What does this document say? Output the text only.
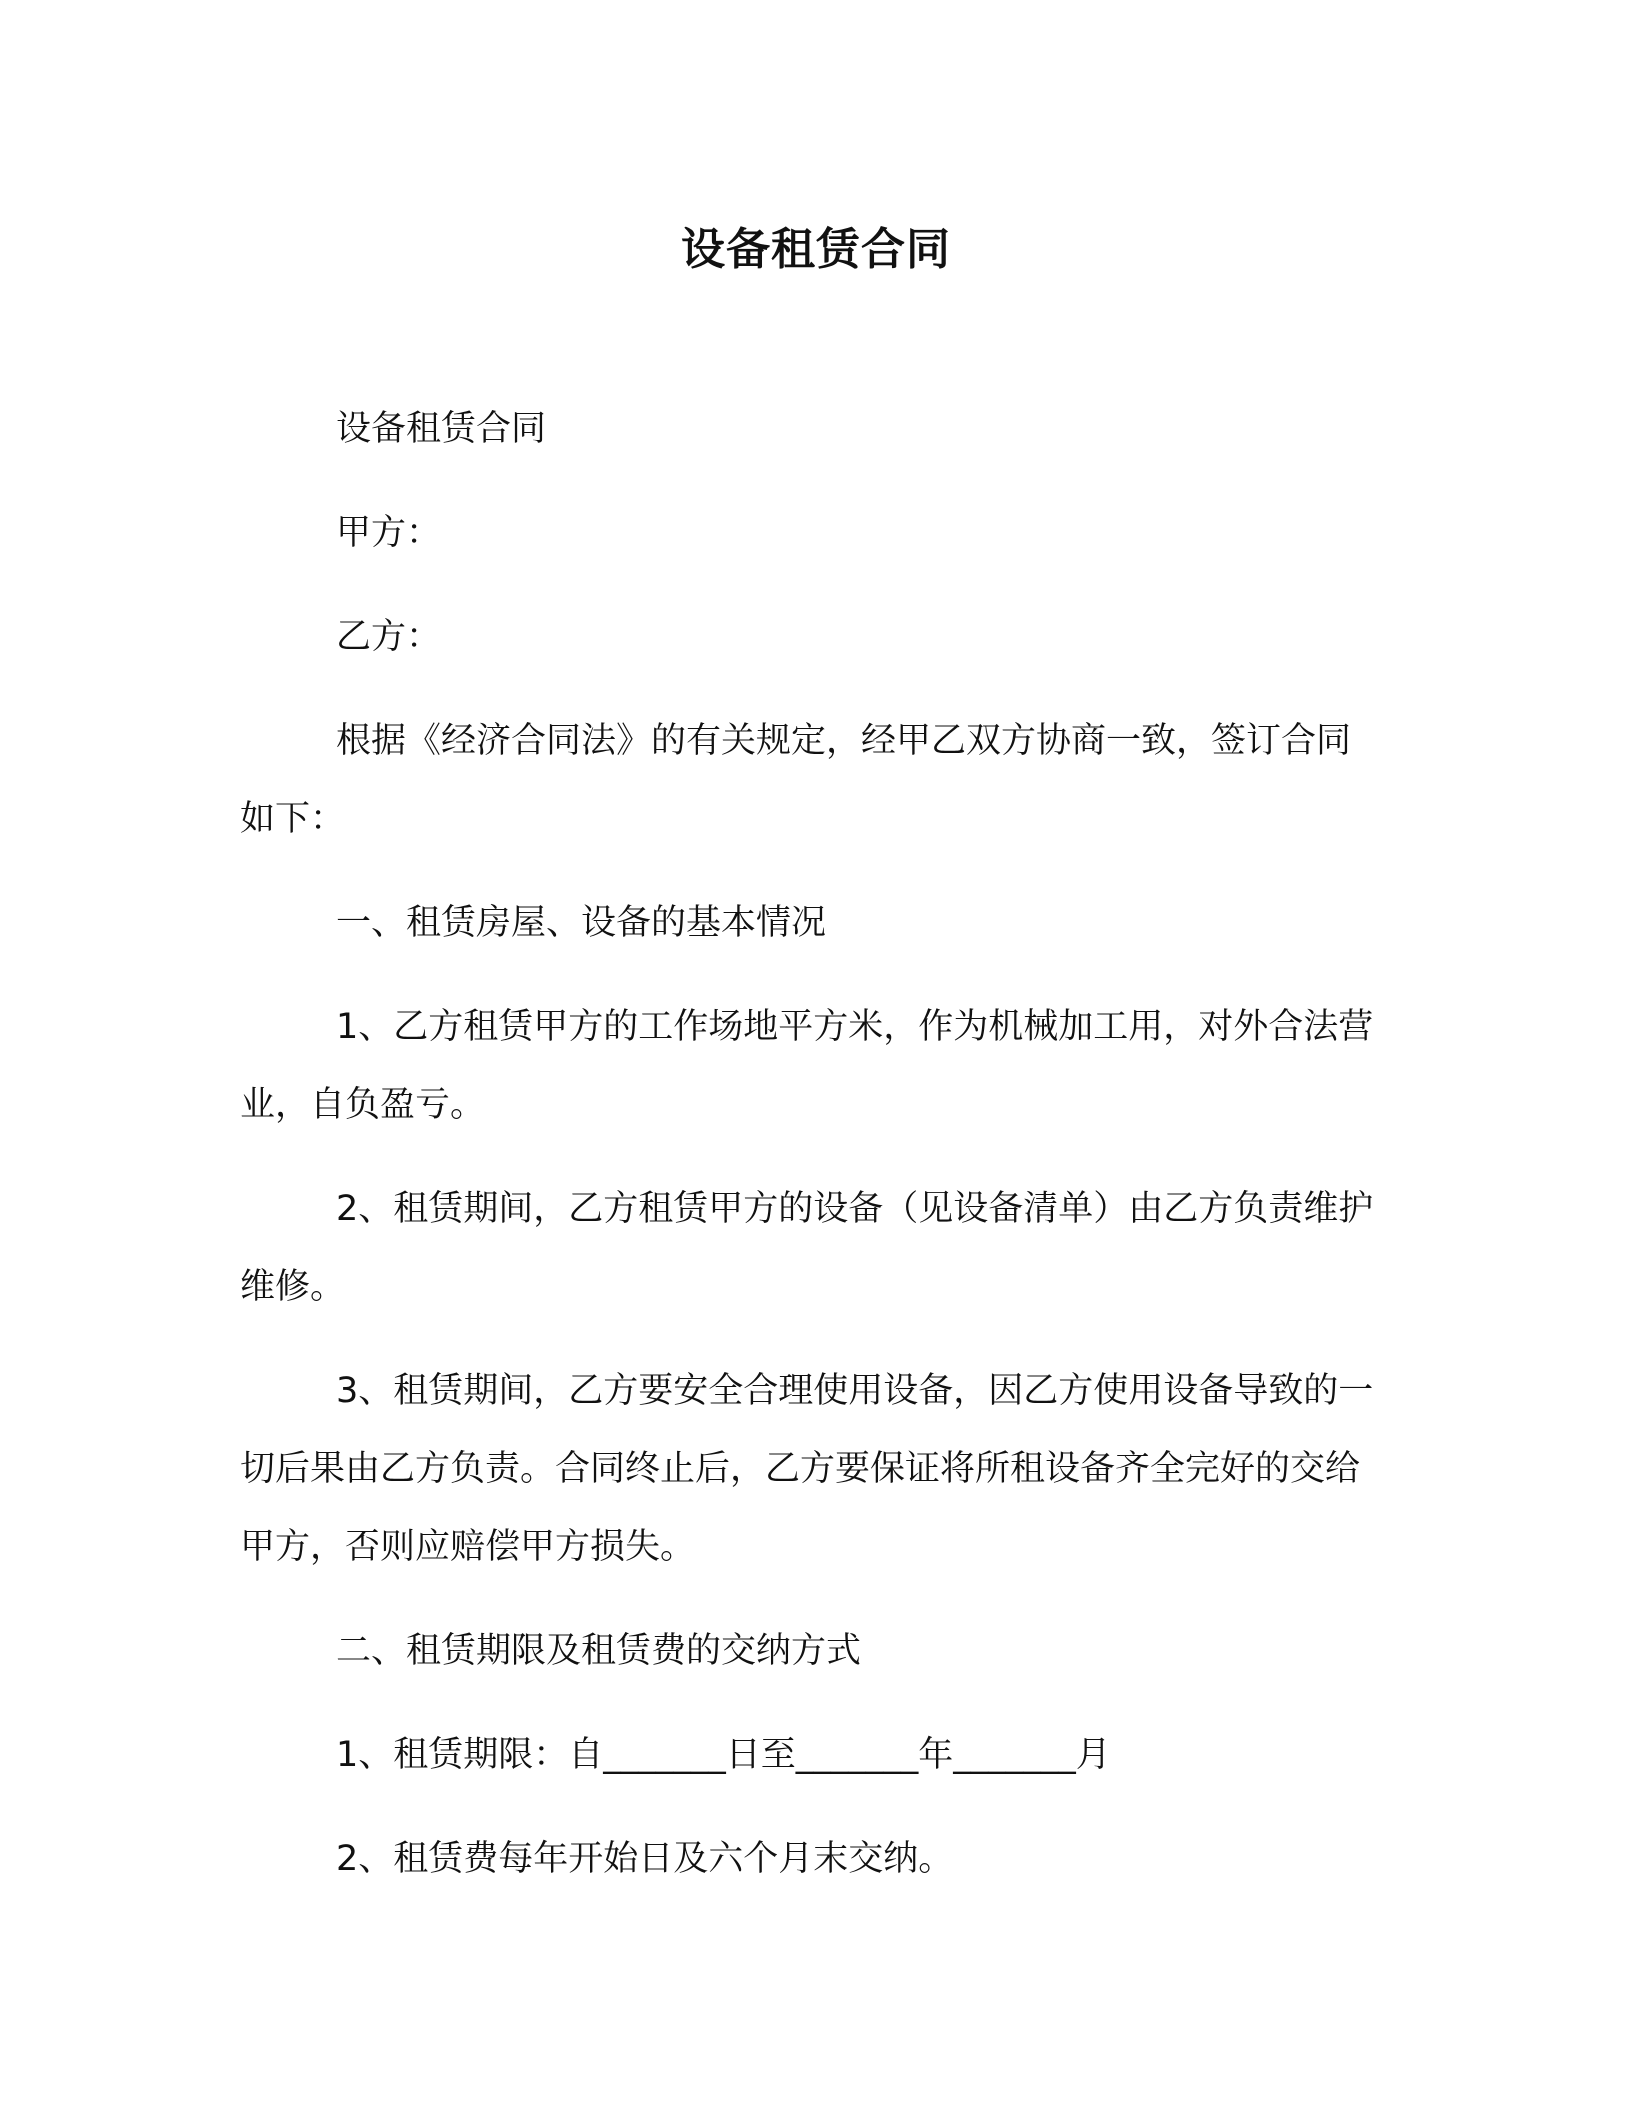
设备租赁合同

设备租赁合同

甲方：

乙方：

根据《经济合同法》的有关规定，经甲乙双方协商一致，签订合同如下：

一、租赁房屋、设备的基本情况

1、乙方租赁甲方的工作场地平方米，作为机械加工用，对外合法营业，自负盈亏。

2、租赁期间，乙方租赁甲方的设备（见设备清单）由乙方负责维护维修。

3、租赁期间，乙方要安全合理使用设备，因乙方使用设备导致的一切后果由乙方负责。合同终止后，乙方要保证将所租设备齐全完好的交给甲方，否则应赔偿甲方损失。

二、租赁期限及租赁费的交纳方式

1、租赁期限：自_______日至_______年_______月

2、租赁费每年开始日及六个月末交纳。
